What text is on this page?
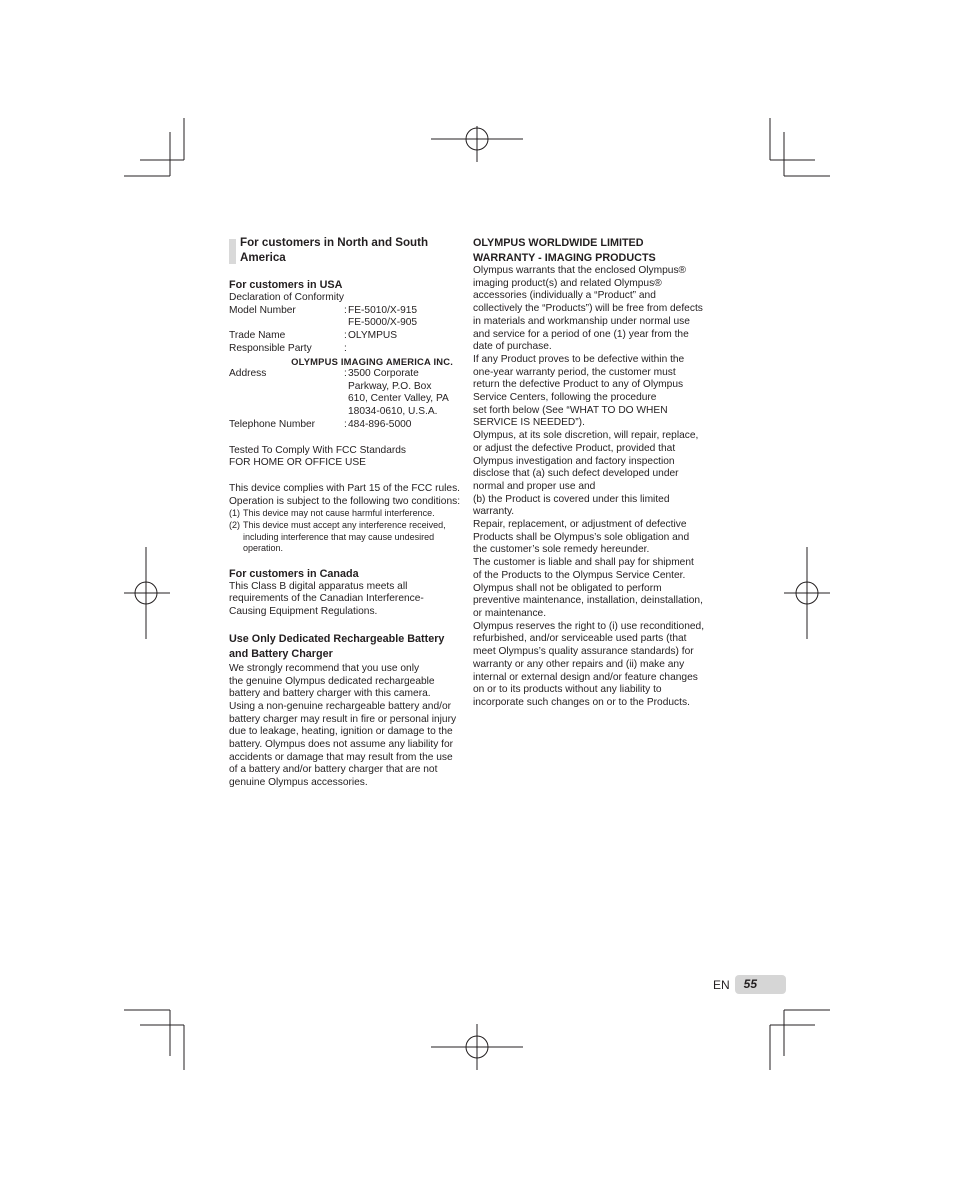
For customers in North and South America
For customers in USA
Declaration of Conformity
Model Number	: FE-5010/X-915
FE-5000/X-905
Trade Name	: OLYMPUS
Responsible Party	:
OLYMPUS IMAGING AMERICA INC.
Address	: 3500 Corporate
Parkway, P.O. Box
610, Center Valley, PA
18034-0610, U.S.A.
Telephone Number	: 484-896-5000
Tested To Comply With FCC Standards
FOR HOME OR OFFICE USE
This device complies with Part 15 of the FCC rules. Operation is subject to the following two conditions:
(1) This device may not cause harmful interference.
(2) This device must accept any interference received, including interference that may cause undesired operation.
For customers in Canada
This Class B digital apparatus meets all requirements of the Canadian Interference-Causing Equipment Regulations.
Use Only Dedicated Rechargeable Battery and Battery Charger
We strongly recommend that you use only
the genuine Olympus dedicated rechargeable battery and battery charger with this camera.
Using a non-genuine rechargeable battery and/or battery charger may result in fire or personal injury due to leakage, heating, ignition or damage to the battery. Olympus does not assume any liability for accidents or damage that may result from the use of a battery and/or battery charger that are not genuine Olympus accessories.
OLYMPUS WORLDWIDE LIMITED
WARRANTY - IMAGING PRODUCTS
Olympus warrants that the enclosed Olympus® imaging product(s) and related Olympus® accessories (individually a “Product” and collectively the “Products”) will be free from defects in materials and workmanship under normal use and service for a period of one (1) year from the date of purchase.
If any Product proves to be defective within the one-year warranty period, the customer must return the defective Product to any of Olympus Service Centers, following the procedure
set forth below (See “WHAT TO DO WHEN SERVICE IS NEEDED”).
Olympus, at its sole discretion, will repair, replace, or adjust the defective Product, provided that Olympus investigation and factory inspection disclose that (a) such defect developed under normal and proper use and
(b) the Product is covered under this limited warranty.
Repair, replacement, or adjustment of defective Products shall be Olympus’s sole obligation and the customer’s sole remedy hereunder.
The customer is liable and shall pay for shipment of the Products to the Olympus Service Center.
Olympus shall not be obligated to perform preventive maintenance, installation, deinstallation, or maintenance.
Olympus reserves the right to (i) use reconditioned, refurbished, and/or serviceable used parts (that meet Olympus’s quality assurance standards) for warranty or any other repairs and (ii) make any internal or external design and/or feature changes on or to its products without any liability to incorporate such changes on or to the Products.
EN	55
